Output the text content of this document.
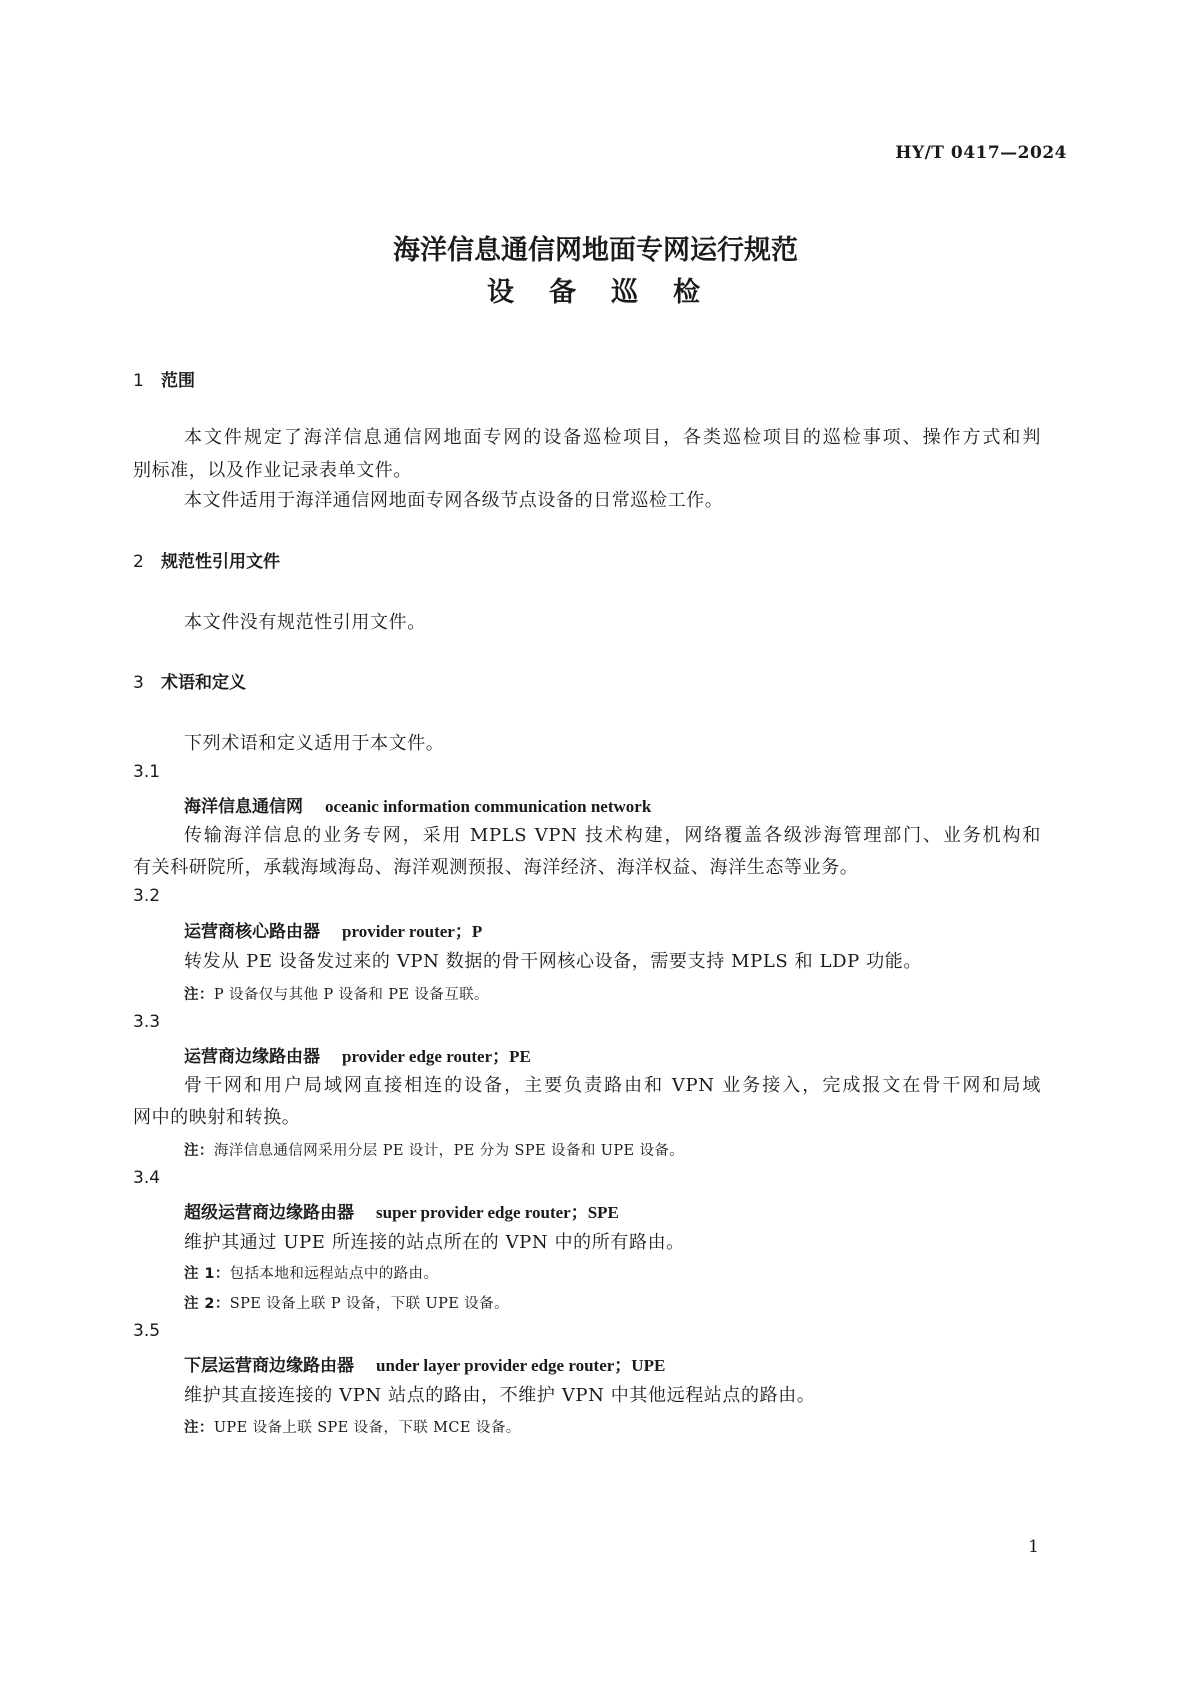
HY/T 0417—2024
海洋信息通信网地面专网运行规范
设　备　巡　检
1 范围
本文件规定了海洋信息通信网地面专网的设备巡检项目，各类巡检项目的巡检事项、操作方式和判
别标准，以及作业记录表单文件。
本文件适用于海洋通信网地面专网各级节点设备的日常巡检工作。
2 规范性引用文件
本文件没有规范性引用文件。
3 术语和定义
下列术语和定义适用于本文件。
3.1
海洋信息通信网 oceanic information communication network
传输海洋信息的业务专网，采用 MPLS VPN 技术构建，网络覆盖各级涉海管理部门、业务机构和
有关科研院所，承载海域海岛、海洋观测预报、海洋经济、海洋权益、海洋生态等业务。
3.2
运营商核心路由器 provider router；P
转发从 PE 设备发过来的 VPN 数据的骨干网核心设备，需要支持 MPLS 和 LDP 功能。
注：P 设备仅与其他 P 设备和 PE 设备互联。
3.3
运营商边缘路由器 provider edge router；PE
骨干网和用户局域网直接相连的设备，主要负责路由和 VPN 业务接入，完成报文在骨干网和局域
网中的映射和转换。
注：海洋信息通信网采用分层 PE 设计，PE 分为 SPE 设备和 UPE 设备。
3.4
超级运营商边缘路由器 super provider edge router；SPE
维护其通过 UPE 所连接的站点所在的 VPN 中的所有路由。
注 1：包括本地和远程站点中的路由。
注 2：SPE 设备上联 P 设备，下联 UPE 设备。
3.5
下层运营商边缘路由器 under layer provider edge router；UPE
维护其直接连接的 VPN 站点的路由，不维护 VPN 中其他远程站点的路由。
注：UPE 设备上联 SPE 设备，下联 MCE 设备。
1
